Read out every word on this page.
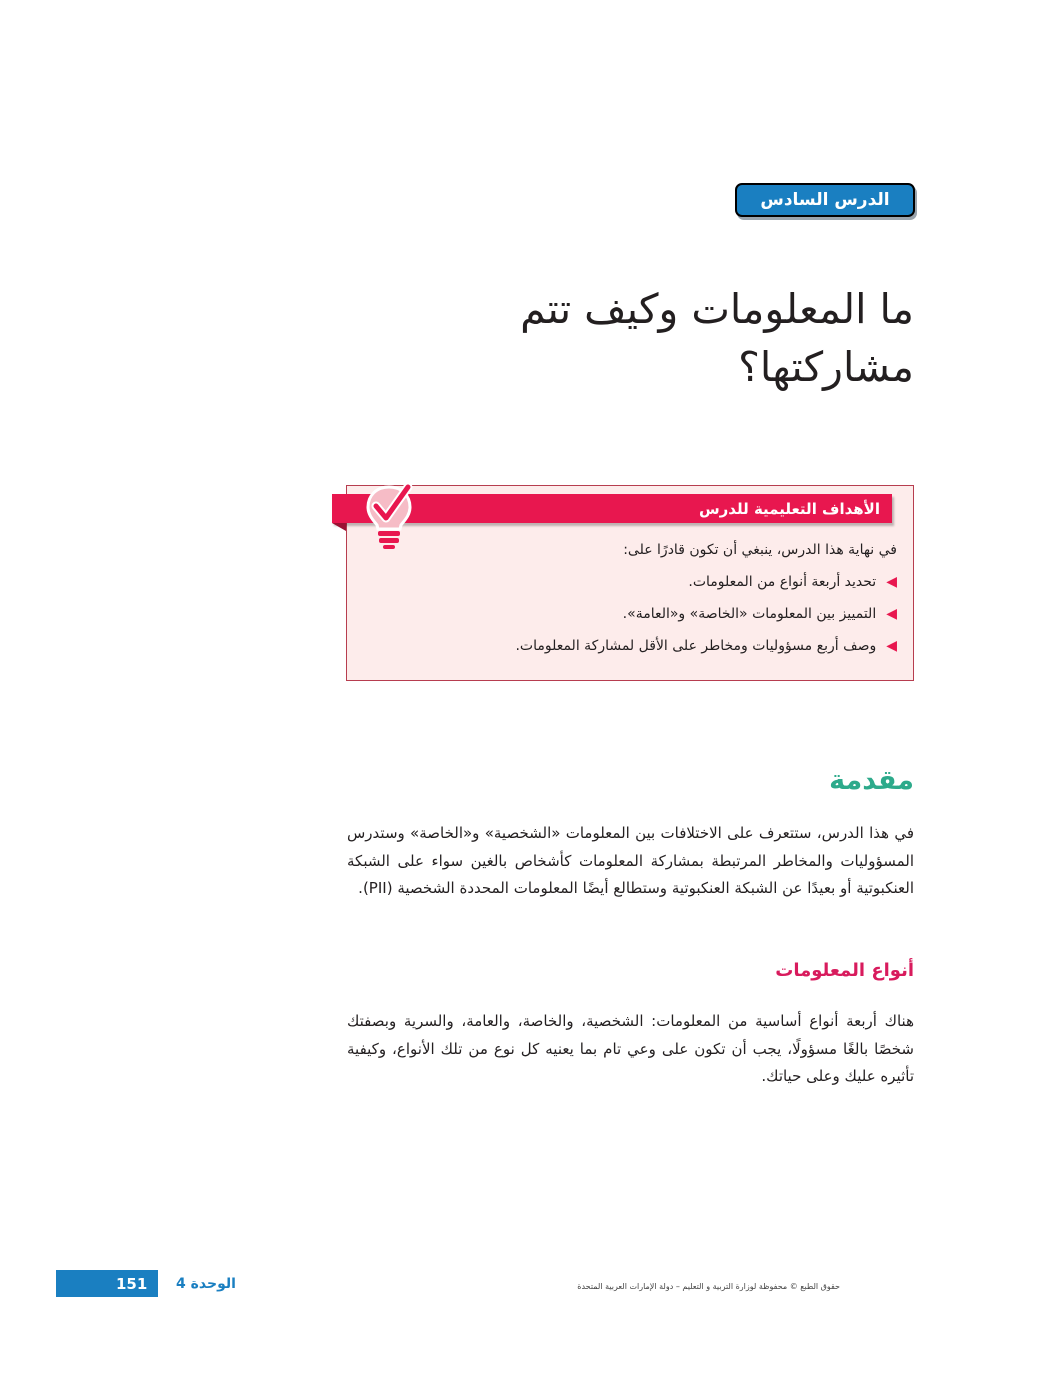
الدرس السادس
ما المعلومات وكيف تتم مشاركتها؟
الأهداف التعليمية للدرس
في نهاية هذا الدرس، ينبغي أن تكون قادرًا على:
◀
تحديد أربعة أنواع من المعلومات.
◀
التمييز بين المعلومات «الخاصة» و«العامة».
◀
وصف أربع مسؤوليات ومخاطر على الأقل لمشاركة المعلومات.
مقدمة
في هذا الدرس، ستتعرف على الاختلافات بين المعلومات «الشخصية» و«الخاصة» وستدرس المسؤوليات والمخاطر المرتبطة بمشاركة المعلومات كأشخاص بالغين سواء على الشبكة العنكبوتية أو بعيدًا عن الشبكة العنكبوتية وستطالع أيضًا المعلومات المحددة الشخصية (PII).
أنواع المعلومات
هناك أربعة أنواع أساسية من المعلومات: الشخصية، والخاصة، والعامة، والسرية وبصفتك شخصًا بالغًا مسؤولًا، يجب أن تكون على وعي تام بما يعنيه كل نوع من تلك الأنواع، وكيفية تأثيره عليك وعلى حياتك.
151 الوحدة 4	حقوق الطبع © محفوظة لوزارة التربية و التعليم – دولة الإمارات العربية المتحدة
